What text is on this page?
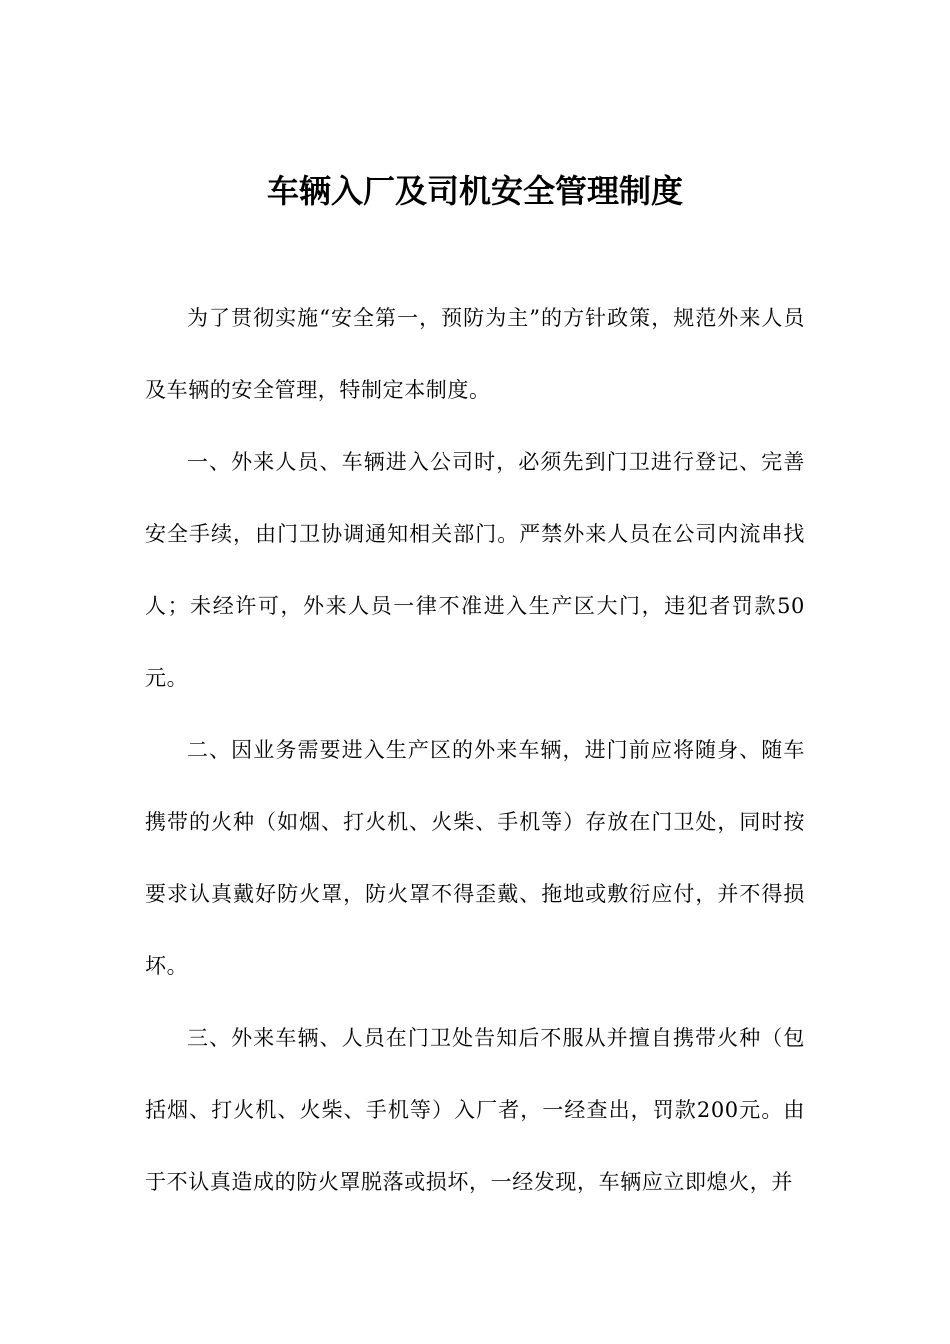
车辆入厂及司机安全管理制度

为了贯彻实施“安全第一，预防为主”的方针政策，规范外来人员及车辆的安全管理，特制定本制度。

一、外来人员、车辆进入公司时，必须先到门卫进行登记、完善安全手续，由门卫协调通知相关部门。严禁外来人员在公司内流串找人；未经许可，外来人员一律不准进入生产区大门，违犯者罚款50元。

二、因业务需要进入生产区的外来车辆，进门前应将随身、随车携带的火种（如烟、打火机、火柴、手机等）存放在门卫处，同时按要求认真戴好防火罩，防火罩不得歪戴、拖地或敷衍应付，并不得损坏。

三、外来车辆、人员在门卫处告知后不服从并擅自携带火种（包括烟、打火机、火柴、手机等）入厂者，一经查出，罚款200元。由于不认真造成的防火罩脱落或损坏，一经发现，车辆应立即熄火，并
